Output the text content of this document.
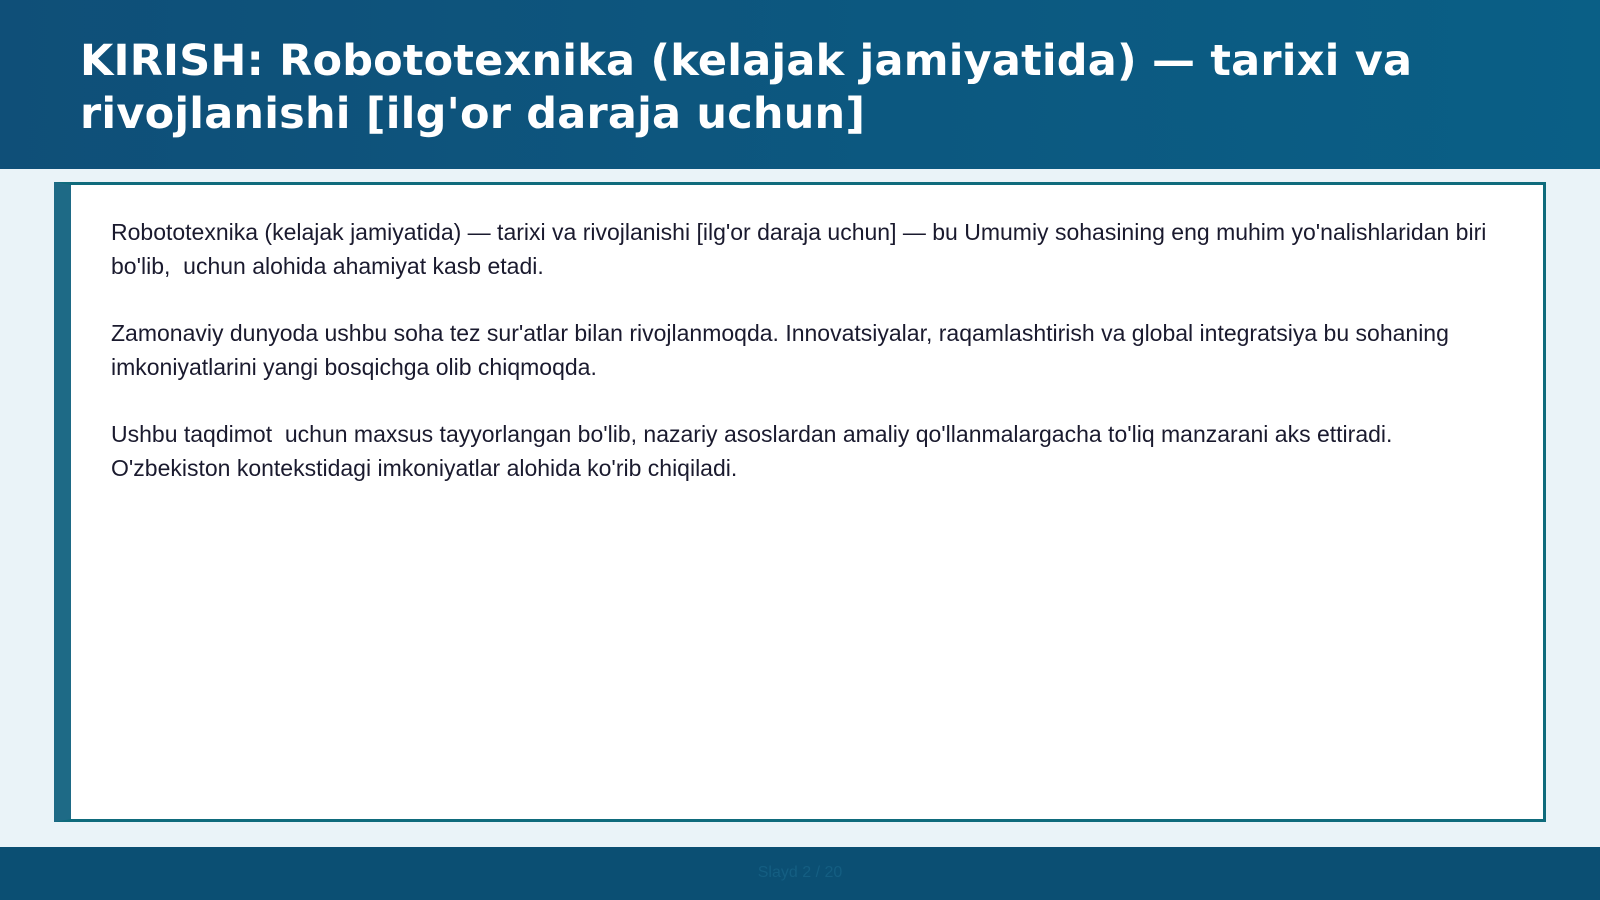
KIRISH: Robototexnika (kelajak jamiyatida) — tarixi va rivojlanishi [ilg'or daraja uchun]

Robototexnika (kelajak jamiyatida) — tarixi va rivojlanishi [ilg'or daraja uchun] — bu Umumiy sohasining eng muhim yo'nalishlaridan biri bo'lib,  uchun alohida ahamiyat kasb etadi.

Zamonaviy dunyoda ushbu soha tez sur'atlar bilan rivojlanmoqda. Innovatsiyalar, raqamlashtirish va global integratsiya bu sohaning imkoniyatlarini yangi bosqichga olib chiqmoqda.

Ushbu taqdimot  uchun maxsus tayyorlangan bo'lib, nazariy asoslardan amaliy qo'llanmalargacha to'liq manzarani aks ettiradi. O'zbekiston kontekstidagi imkoniyatlar alohida ko'rib chiqiladi.

Slayd 2 / 20
